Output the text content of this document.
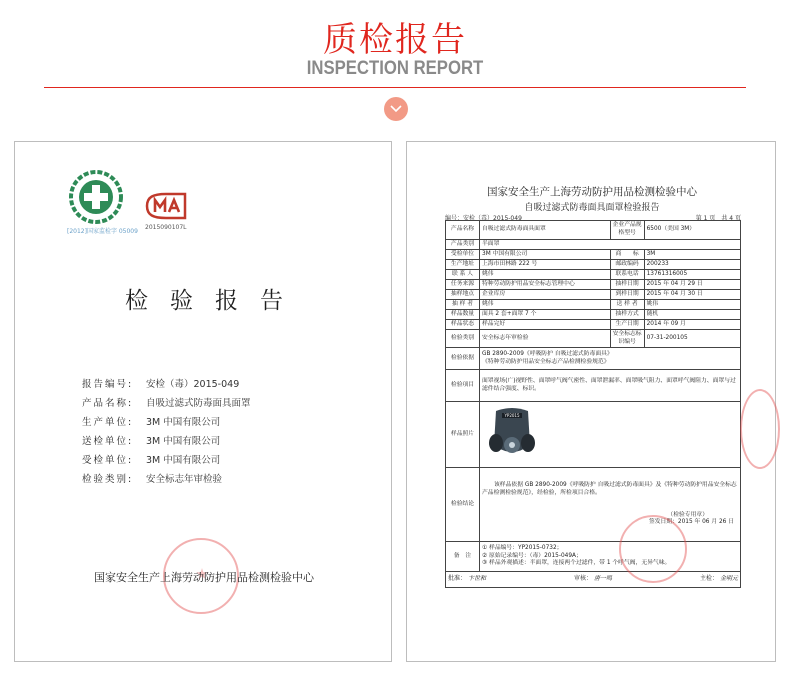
质检报告
INSPECTION REPORT
[2012]国家监检字 05009
2015090107L
检验报告
报告编号:	安检（毒）2015-049
产品名称:	自吸过滤式防毒面具面罩
生产单位:	3M 中国有限公司
送检单位:	3M 中国有限公司
受检单位:	3M 中国有限公司
检验类别:	安全标志年审检验
国家安全生产上海劳动防护用品检测检验中心
国家安全生产上海劳动防护用品检测检验中心
自吸过滤式防毒面具面罩检验报告
编号：安检（毒）2015-049	第 1 页　共 4 页
产品名称	自吸过滤式防毒面具面罩	企业产品规格型号	6500（美国 3M）
产品类别	半面罩		
受检单位	3M 中国有限公司	商　　标	3M
生产地址	上海市田林路 222 号	邮政编码	200233
联 系 人	姚伟	联系电话	13761316005
任务来源	特种劳动防护用品安全标志管理中心	抽样日期	2015 年 04 月 29 日
抽样地点	企业库房	到样日期	2015 年 04 月 30 日
抽 样 者	姚伟	送 样 者	姚伟
样品数量	面具 2 套+面罩 7 个	抽样方式	随机
样品状态	样品完好	生产日期	2014 年 09 月
检验类别	安全标志年审检验	安全标志标识编号	07-31-200105
检验依据	GB 2890-2009《呼吸防护 自吸过滤式防毒面具》
《特种劳动防护用品安全标志产品检测检验规范》		

检验项目	面罩视场(广)视野性、面罩呼气阀气密性、面罩泄漏率、面罩吸气阻力、面罩呼气阀阻力、面罩与过滤件结合强度、标识。		
样品照片	YP2015		

检验结论	该样品依据 GB 2890-2009《呼吸防护 自吸过滤式防毒面具》及《特种劳动防护用品安全标志产品检测检验规范》，经检验，所检项目合格。
（检验专用章）
签发日期：2015 年 06 月 26 日		

备　注	① 样品编号：YP2015-0732；
② 原始记录编号：（毒）2015-049A；
③ 样品外观描述：半面罩，连接两个过滤件，带 1 个呼气阀，无异气味。		

批准： 卞世和 审核： 唐一鸣 主检： 金明元			
